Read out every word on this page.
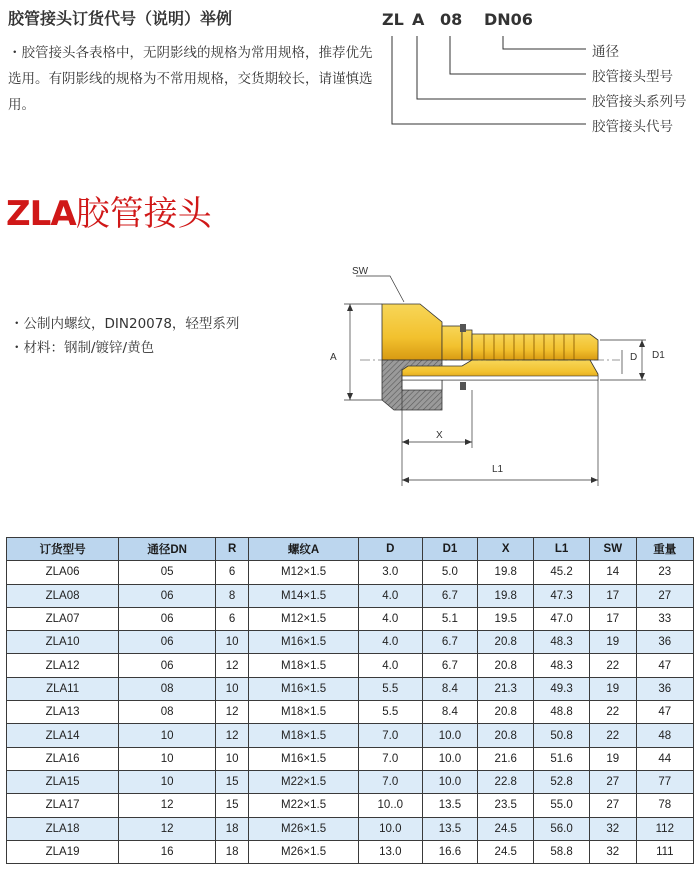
胶管接头订货代号（说明）举例
・胶管接头各表格中，无阴影线的规格为常用规格，推荐优先选用。有阴影线的规格为不常用规格，交货期较长，请谨慎选用。
ZL A 08 DN06
通径
胶管接头型号
胶管接头系列号
胶管接头代号
ZLA胶管接头
・公制内螺纹，DIN20078，轻型系列
・材料：钢制/镀锌/黄色
SW
A	D D1
X
L1
订货型号	通径DN	R	螺纹A	D	D1	X	L1	SW	重量
ZLA06	05	6	M12×1.5	3.0	5.0	19.8	45.2	14	23
ZLA08	06	8	M14×1.5	4.0	6.7	19.8	47.3	17	27
ZLA07	06	6	M12×1.5	4.0	5.1	19.5	47.0	17	33
ZLA10	06	10	M16×1.5	4.0	6.7	20.8	48.3	19	36
ZLA12	06	12	M18×1.5	4.0	6.7	20.8	48.3	22	47
ZLA11	08	10	M16×1.5	5.5	8.4	21.3	49.3	19	36
ZLA13	08	12	M18×1.5	5.5	8.4	20.8	48.8	22	47
ZLA14	10	12	M18×1.5	7.0	10.0	20.8	50.8	22	48
ZLA16	10	10	M16×1.5	7.0	10.0	21.6	51.6	19	44
ZLA15	10	15	M22×1.5	7.0	10.0	22.8	52.8	27	77
ZLA17	12	15	M22×1.5	10..0	13.5	23.5	55.0	27	78
ZLA18	12	18	M26×1.5	10.0	13.5	24.5	56.0	32	112
ZLA19	16	18	M26×1.5	13.0	16.6	24.5	58.8	32	111
